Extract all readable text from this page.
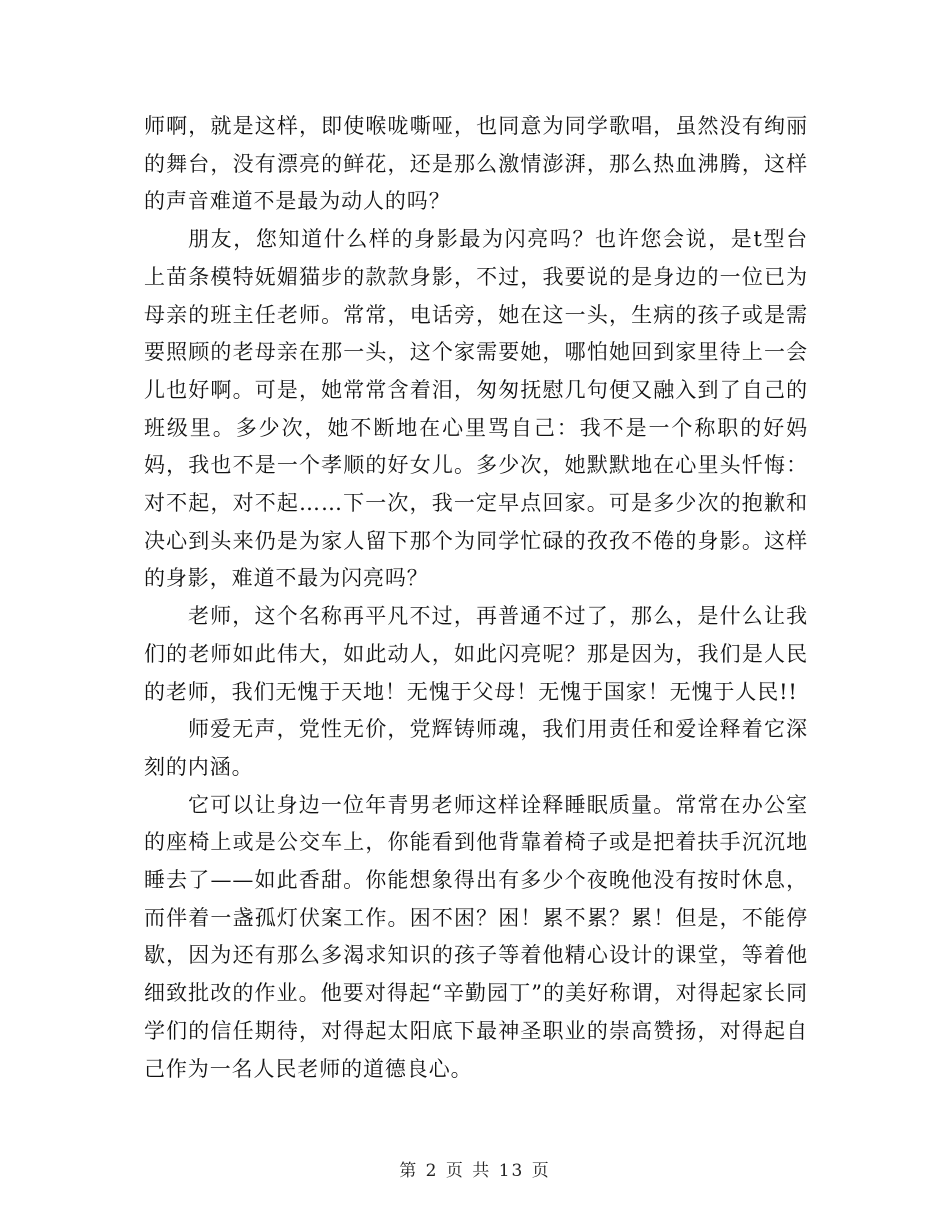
师啊，就是这样，即使喉咙嘶哑，也同意为同学歌唱，虽然没有绚丽的舞台，没有漂亮的鲜花，还是那么激情澎湃，那么热血沸腾，这样的声音难道不是最为动人的吗？

朋友，您知道什么样的身影最为闪亮吗？也许您会说，是t型台上苗条模特妩媚猫步的款款身影，不过，我要说的是身边的一位已为母亲的班主任老师。常常，电话旁，她在这一头，生病的孩子或是需要照顾的老母亲在那一头，这个家需要她，哪怕她回到家里待上一会儿也好啊。可是，她常常含着泪，匆匆抚慰几句便又融入到了自己的班级里。多少次，她不断地在心里骂自己：我不是一个称职的好妈妈，我也不是一个孝顺的好女儿。多少次，她默默地在心里头忏悔：对不起，对不起……下一次，我一定早点回家。可是多少次的抱歉和决心到头来仍是为家人留下那个为同学忙碌的孜孜不倦的身影。这样的身影，难道不最为闪亮吗？

老师，这个名称再平凡不过，再普通不过了，那么，是什么让我们的老师如此伟大，如此动人，如此闪亮呢？那是因为，我们是人民的老师，我们无愧于天地！无愧于父母！无愧于国家！无愧于人民!!

师爱无声，党性无价，党辉铸师魂，我们用责任和爱诠释着它深刻的内涵。

它可以让身边一位年青男老师这样诠释睡眠质量。常常在办公室的座椅上或是公交车上，你能看到他背靠着椅子或是把着扶手沉沉地睡去了——如此香甜。你能想象得出有多少个夜晚他没有按时休息，而伴着一盏孤灯伏案工作。困不困？困！累不累？累！但是，不能停歇，因为还有那么多渴求知识的孩子等着他精心设计的课堂，等着他细致批改的作业。他要对得起“辛勤园丁”的美好称谓，对得起家长同学们的信任期待，对得起太阳底下最神圣职业的崇高赞扬，对得起自己作为一名人民老师的道德良心。

第 2 页 共 13 页
